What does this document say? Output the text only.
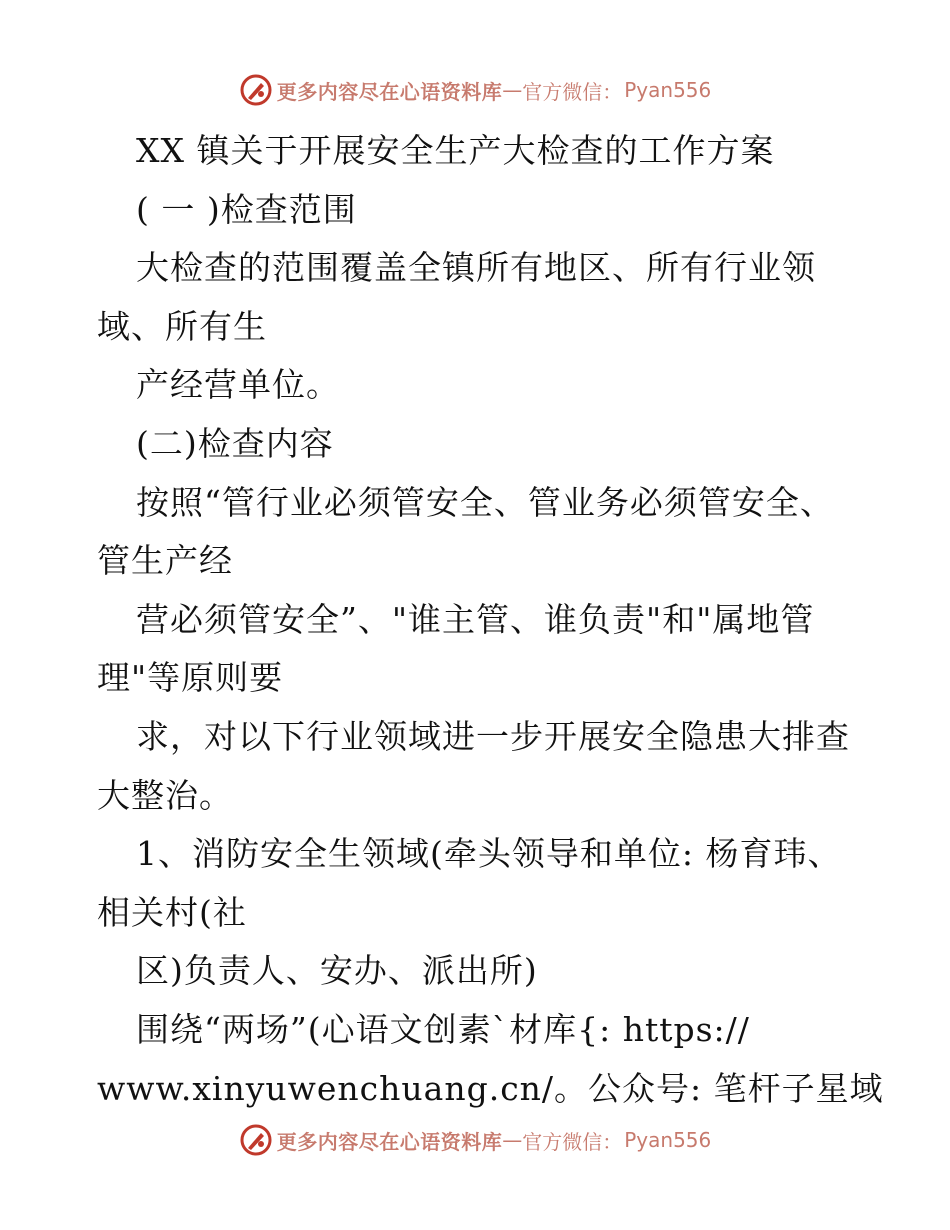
更多内容尽在心语资料库 — 官方微信： Pyan556
XX 镇关于开展安全生产大检查的工作方案
( 一 )检查范围
大检查的范围覆盖全镇所有地区、所有行业领
域、所有生
产经营单位。
(二)检查内容
按照“管行业必须管安全、管业务必须管安全、
管生产经
营必须管安全”、"谁主管、谁负责"和"属地管
理"等原则要
求，对以下行业领域进一步开展安全隐患大排查
大整治。
1、消防安全生领域(牵头领导和单位: 杨育玮、
相关村(社
区)负责人、安办、派出所)
围绕“两场”(心语文创素`材库{: https://
www.xinyuwenchuang.cn/。公众号: 笔杆子星域
更多内容尽在心语资料库 — 官方微信： Pyan556
